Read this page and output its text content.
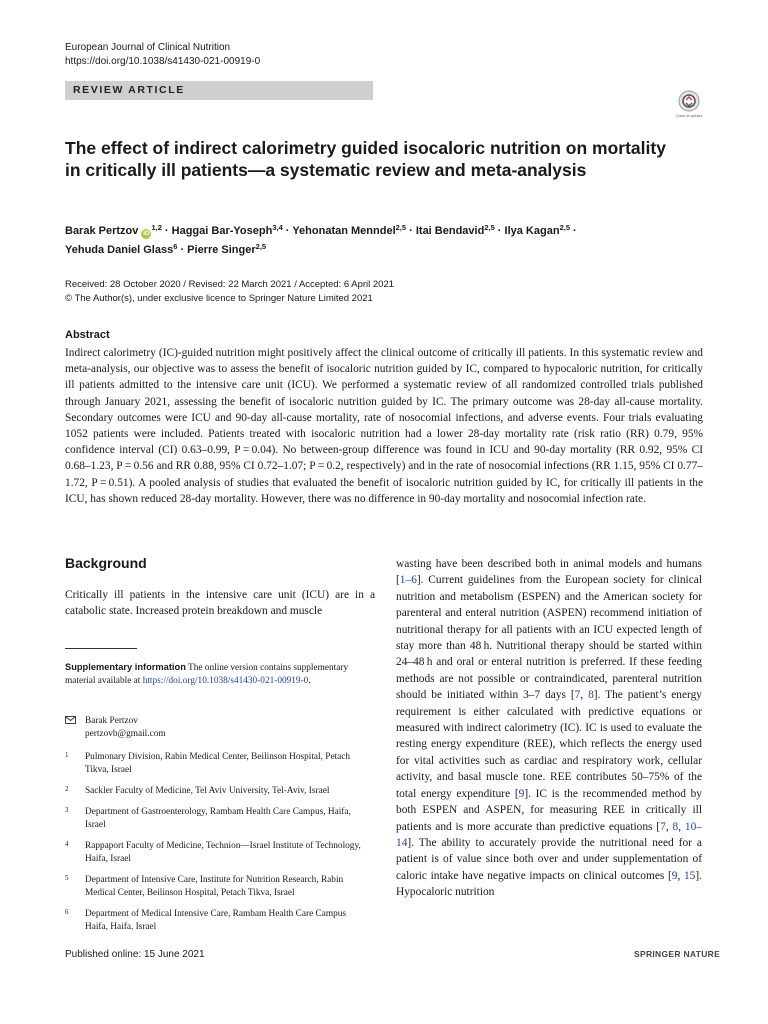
European Journal of Clinical Nutrition
https://doi.org/10.1038/s41430-021-00919-0
REVIEW ARTICLE
Check for updates
The effect of indirect calorimetry guided isocaloric nutrition on mortality in critically ill patients—a systematic review and meta-analysis
Barak Pertzov iD$^{1,2}$ · Haggai Bar-Yoseph$^{3,4}$ · Yehonatan Menndel$^{2,5}$ · Itai Bendavid$^{2,5}$ · Ilya Kagan$^{2,5}$ ·
Yehuda Daniel Glass$^6$ · Pierre Singer$^{2,5}$
Received: 28 October 2020 / Revised: 22 March 2021 / Accepted: 6 April 2021
© The Author(s), under exclusive licence to Springer Nature Limited 2021
Abstract

Indirect calorimetry (IC)-guided nutrition might positively affect the clinical outcome of critically ill patients. In this systematic review and meta-analysis, our objective was to assess the benefit of isocaloric nutrition guided by IC, compared to hypocaloric nutrition, for critically ill patients admitted to the intensive care unit (ICU). We performed a systematic review of all randomized controlled trials published through January 2021, assessing the benefit of isocaloric nutrition guided by IC. The primary outcome was 28-day all-cause mortality. Secondary outcomes were ICU and 90-day all-cause mortality, rate of nosocomial infections, and adverse events. Four trials evaluating 1052 patients were included. Patients treated with isocaloric nutrition had a lower 28-day mortality rate (risk ratio (RR) 0.79, 95% confidence interval (CI) 0.63–0.99, P = 0.04). No between-group difference was found in ICU and 90-day mortality (RR 0.92, 95% CI 0.68–1.23, P = 0.56 and RR 0.88, 95% CI 0.72–1.07; P = 0.2, respectively) and in the rate of nosocomial infections (RR 1.15, 95% CI 0.77–1.72, P = 0.51). A pooled analysis of studies that evaluated the benefit of isocaloric nutrition guided by IC, for critically ill patients in the ICU, has shown reduced 28-day mortality. However, there was no difference in 90-day mortality and nosocomial infection rate.

Background

Critically ill patients in the intensive care unit (ICU) are in a catabolic state. Increased protein breakdown and muscle

Supplementary information The online version contains supplementary material available at https://doi.org/10.1038/s41430-021-00919-0.
Barak Pertzov
pertzovb@gmail.com
1 Pulmonary Division, Rabin Medical Center, Beilinson Hospital, Petach Tikva, Israel
2 Sackler Faculty of Medicine, Tel Aviv University, Tel-Aviv, Israel
3 Department of Gastroenterology, Rambam Health Care Campus, Haifa, Israel
4 Rappaport Faculty of Medicine, Technion—Israel Institute of Technology, Haifa, Israel
5 Department of Intensive Care, Institute for Nutrition Research, Rabin Medical Center, Beilinson Hospital, Petach Tikva, Israel
6 Department of Medical Intensive Care, Rambam Health Care Campus Haifa, Haifa, Israel

wasting have been described both in animal models and humans [1–6]. Current guidelines from the European society for clinical nutrition and metabolism (ESPEN) and the American society for parenteral and enteral nutrition (ASPEN) recommend initiation of nutritional therapy for all patients with an ICU expected length of stay more than 48 h. Nutritional therapy should be started within 24–48 h and oral or enteral nutrition is preferred. If these feeding methods are not possible or contraindicated, parenteral nutrition should be initiated within 3–7 days [7, 8]. The patient’s energy requirement is either calculated with predictive equations or measured with indirect calorimetry (IC). IC is used to evaluate the resting energy expenditure (REE), which reflects the energy used for vital activities such as cardiac and respiratory work, cellular activity, and basal muscle tone. REE contributes 50–75% of the total energy expenditure [9]. IC is the recommended method by both ESPEN and ASPEN, for measuring REE in critically ill patients and is more accurate than predictive equations [7, 8, 10–14]. The ability to accurately provide the nutritional need for a patient is of value since both over and under supplementation of caloric intake have negative impacts on clinical outcomes [9, 15]. Hypocaloric nutrition

Published online: 15 June 2021	SPRINGER NATURE
